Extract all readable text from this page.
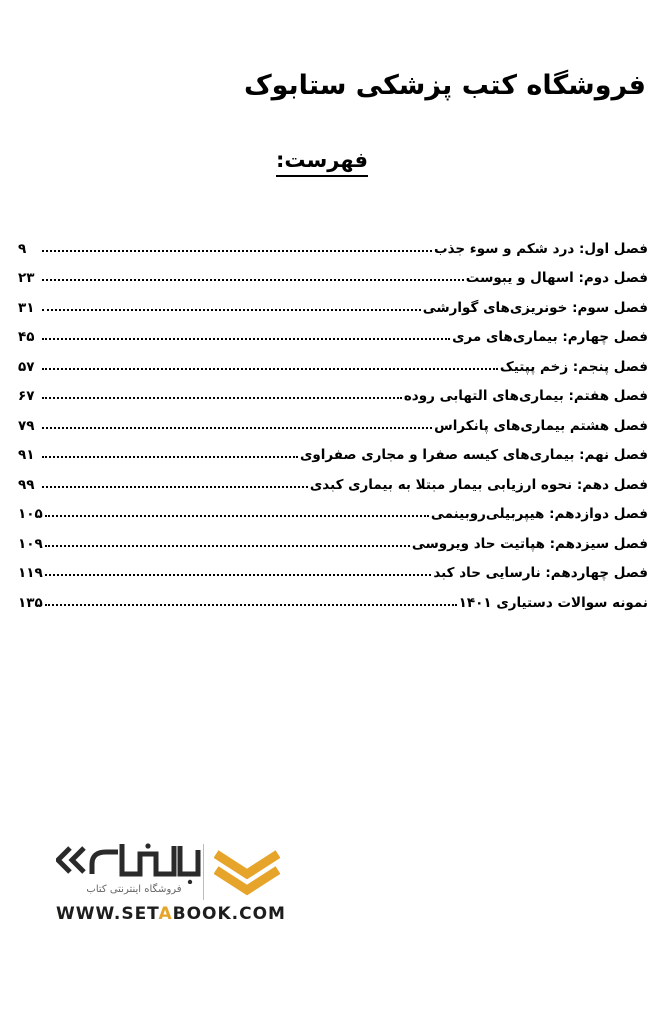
فروشگاه کتب پزشکی ستابوک
فهرست:
فصل اول: درد شکم و سوء جذب
۹
فصل دوم: اسهال و یبوست
۲۳
فصل سوم: خونریزی‌های گوارشی
۳۱
فصل چهارم: بیماری‌های مری
۴۵
فصل پنجم: زخم پپتیک
۵۷
فصل هفتم: بیماری‌های التهابی روده
۶۷
فصل هشتم بیماری‌های پانکراس
۷۹
فصل نهم: بیماری‌های کیسه صفرا و مجاری صفراوی
۹۱
فصل دهم: نحوه ارزیابی بیمار مبتلا به بیماری کبدی
۹۹
فصل دوازدهم: هیپربیلی‌روبینمی
۱۰۵
فصل سیزدهم: هپاتیت حاد ویروسی
۱۰۹
فصل چهاردهم: نارسایی حاد کبد
۱۱۹
نمونه سوالات دستیاری ۱۴۰۱
۱۳۵
فروشگاه اینترنتی کتاب
WWW.SETABOOK.COM
